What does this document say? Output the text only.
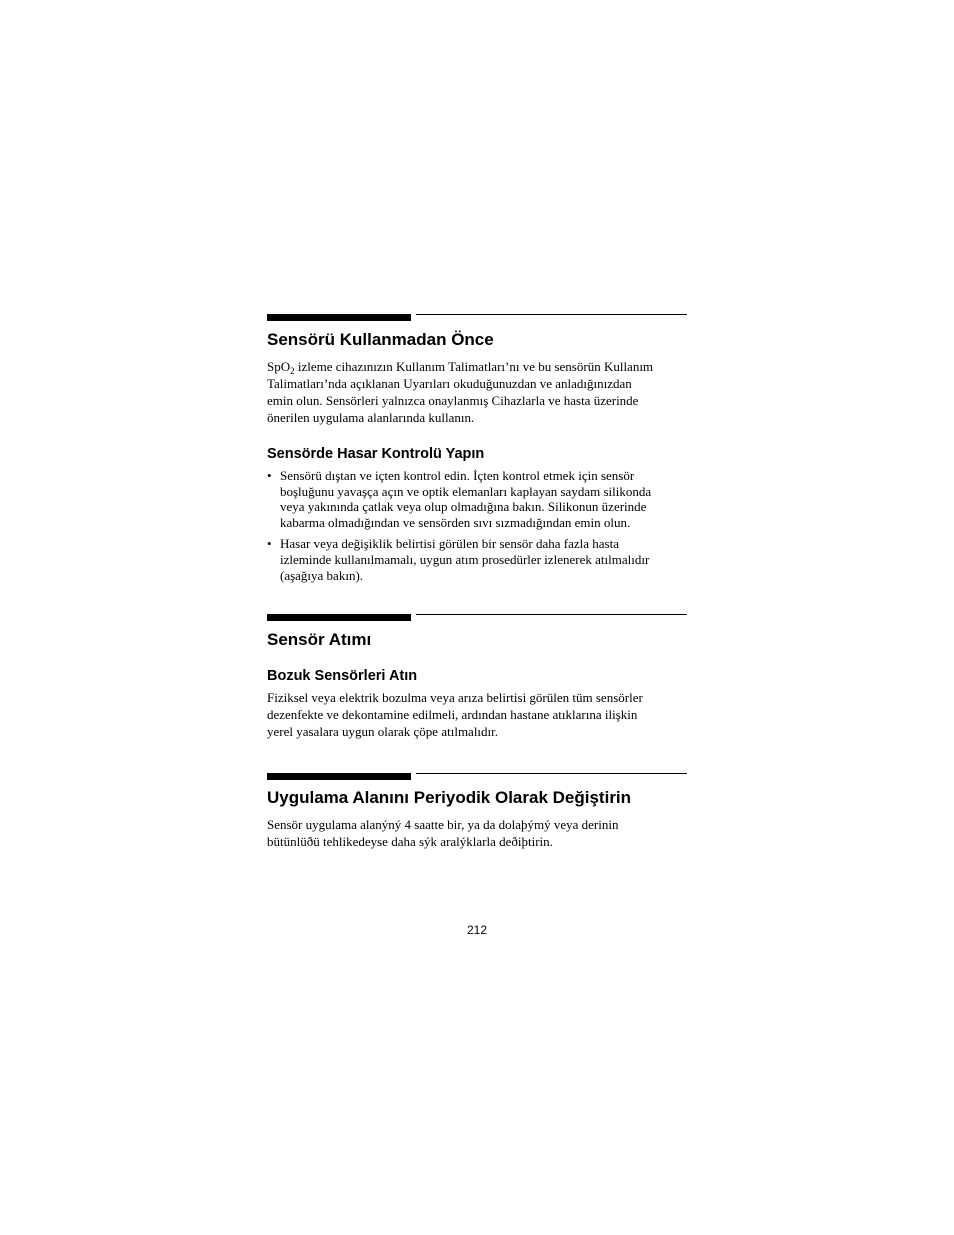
Sensörü Kullanmadan Önce

SpO$_2$ izleme cihazınızın Kullanım Talimatları’nı ve bu sensörün Kullanım
Talimatları’nda açıklanan Uyarıları okuduğunuzdan ve anladığınızdan
emin olun. Sensörleri yalnızca onaylanmış Cihazlarla ve hasta üzerinde
önerilen uygulama alanlarında kullanın.

Sensörde Hasar Kontrolü Yapın
• Sensörü dıştan ve içten kontrol edin. İçten kontrol etmek için sensör
boşluğunu yavaşça açın ve optik elemanları kaplayan saydam silikonda
veya yakınında çatlak veya olup olmadığına bakın. Silikonun üzerinde
kabarma olmadığından ve sensörden sıvı sızmadığından emin olun.
• Hasar veya değişiklik belirtisi görülen bir sensör daha fazla hasta
izleminde kullanılmamalı, uygun atım prosedürler izlenerek atılmalıdır
(aşağıya bakın).
Sensör Atımı
Bozuk Sensörleri Atın

Fiziksel veya elektrik bozulma veya arıza belirtisi görülen tüm sensörler
dezenfekte ve dekontamine edilmeli, ardından hastane atıklarına ilişkin
yerel yasalara uygun olarak çöpe atılmalıdır.

Uygulama Alanını Periyodik Olarak Değiştirin

Sensör uygulama alanýný 4 saatte bir, ya da dolaþýmý veya derinin
bütünlüðü tehlikedeyse daha sýk aralýklarla deðiþtirin.

212
